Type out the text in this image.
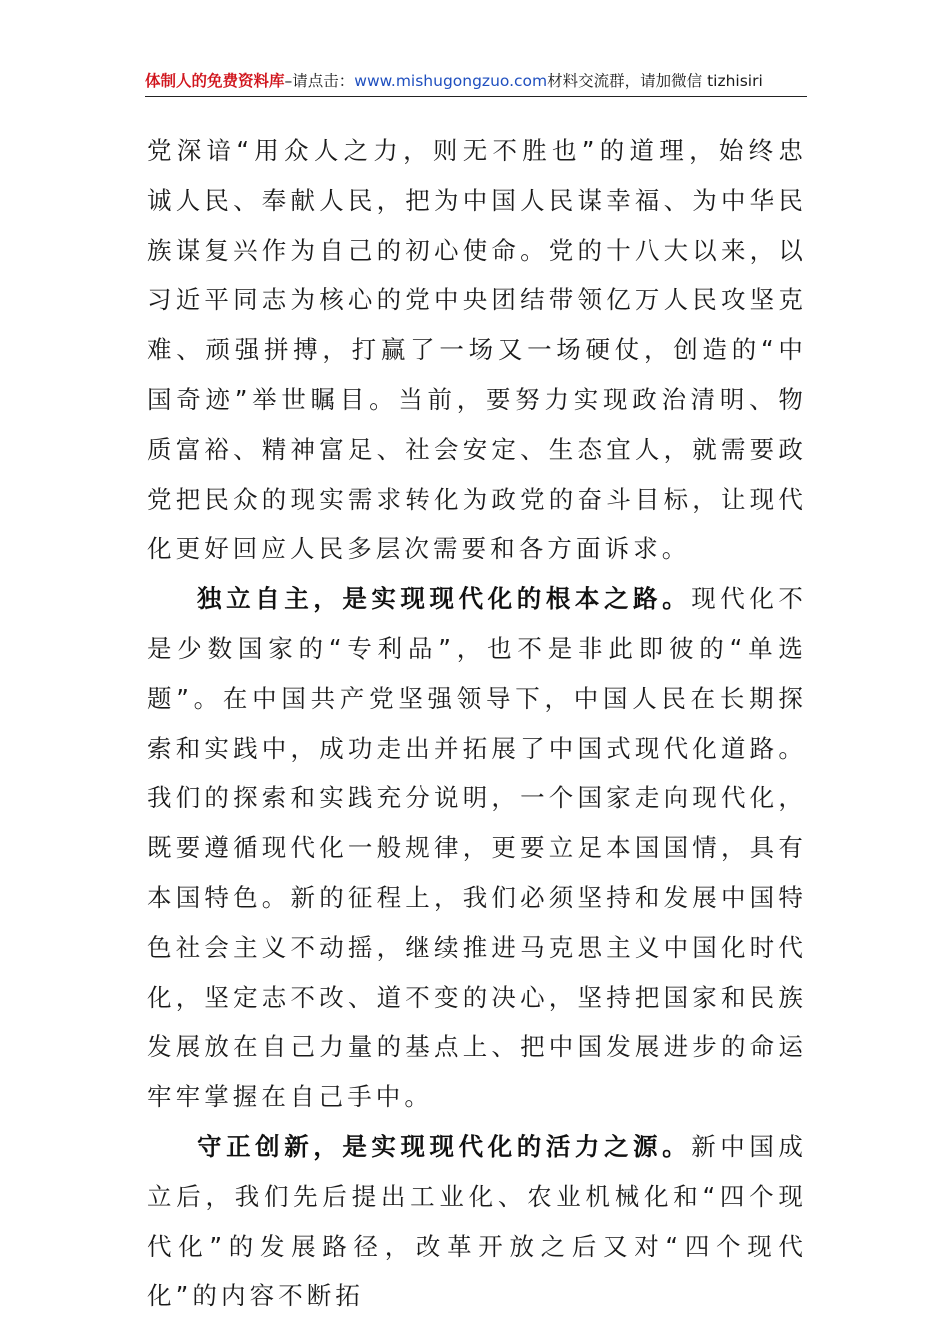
体制人的免费资料库–请点击：www.mishugongzuo.com材料交流群，请加微信 tizhisiri

党深谙“用众人之力，则无不胜也”的道理，始终忠诚人民、奉献人民，把为中国人民谋幸福、为中华民族谋复兴作为自己的初心使命。党的十八大以来，以习近平同志为核心的党中央团结带领亿万人民攻坚克难、顽强拼搏，打赢了一场又一场硬仗，创造的“中国奇迹”举世瞩目。当前，要努力实现政治清明、物质富裕、精神富足、社会安定、生态宜人，就需要政党把民众的现实需求转化为政党的奋斗目标，让现代化更好回应人民多层次需要和各方面诉求。

独立自主，是实现现代化的根本之路。现代化不是少数国家的“专利品”，也不是非此即彼的“单选题”。在中国共产党坚强领导下，中国人民在长期探索和实践中，成功走出并拓展了中国式现代化道路。我们的探索和实践充分说明，一个国家走向现代化，既要遵循现代化一般规律，更要立足本国国情，具有本国特色。新的征程上，我们必须坚持和发展中国特色社会主义不动摇，继续推进马克思主义中国化时代化，坚定志不改、道不变的决心，坚持把国家和民族发展放在自己力量的基点上、把中国发展进步的命运牢牢掌握在自己手中。

守正创新，是实现现代化的活力之源。新中国成立后，我们先后提出工业化、农业机械化和“四个现代化”的发展路径，改革开放之后又对“四个现代化”的内容不断拓
